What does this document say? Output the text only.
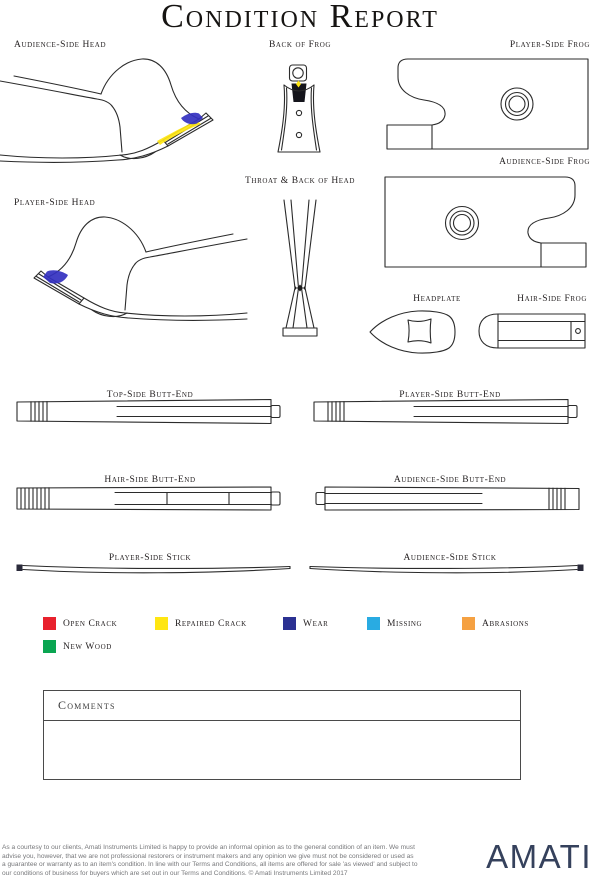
Condition Report
Audience-Side Head	Back of Frog	Player-Side Frog
Audience-Side Frog
Player-Side Head
Throat & Back of Head
Headplate	Hair-Side Frog
Top-Side Butt-End	Player-Side Butt-End
Hair-Side Butt-End	Audience-Side Butt-End
Player-Side Stick	Audience-Side Stick
Open Crack	Repaired Crack	Wear	Missing	Abrasions
New Wood
Comments
As a courtesy to our clients, Amati Instruments Limited is happy to provide an informal opinion as to the general condition of an item. We must
advise you, however, that we are not professional restorers or instrument makers and any opinion we give must not be considered or used as
a guarantee or warranty as to an item's condition. In line with our Terms and Conditions, all items are offered for sale 'as viewed' and subject to
our conditions of business for buyers which are set out in our Terms and Conditions. © Amati Instruments Limited 2017	AMATI
